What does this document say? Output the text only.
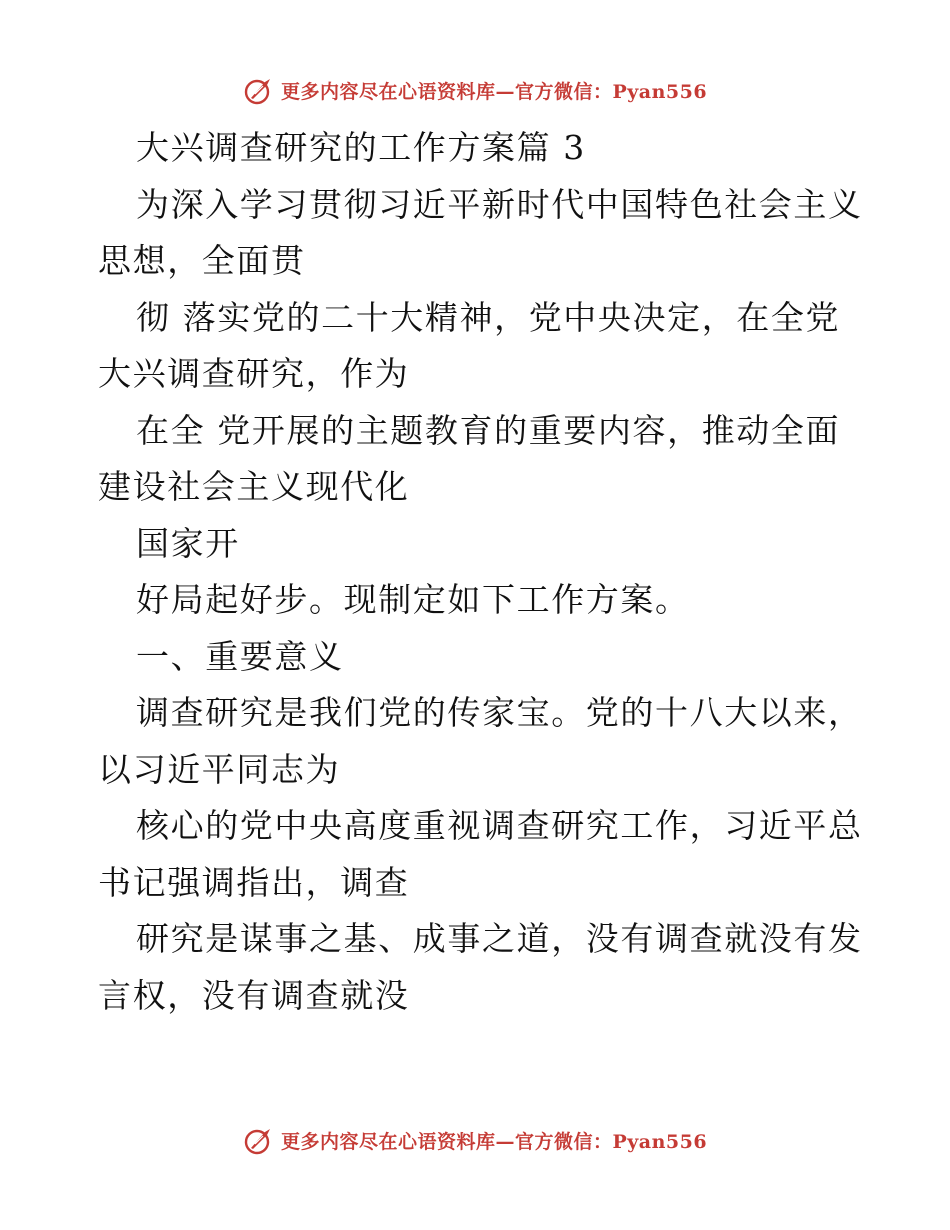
更多内容尽在心语资料库—官方微信：Pyan556
大兴调查研究的工作方案篇 3
为深入学习贯彻习近平新时代中国特色社会主义
思想，全面贯
彻 落实党的二十大精神，党中央决定，在全党
大兴调查研究，作为
在全 党开展的主题教育的重要内容，推动全面
建设社会主义现代化
国家开
好局起好步。现制定如下工作方案。
一、重要意义
调查研究是我们党的传家宝。党的十八大以来，
以习近平同志为
核心的党中央高度重视调查研究工作，习近平总
书记强调指出，调查
研究是谋事之基、成事之道，没有调查就没有发
言权，没有调查就没
更多内容尽在心语资料库—官方微信：Pyan556
